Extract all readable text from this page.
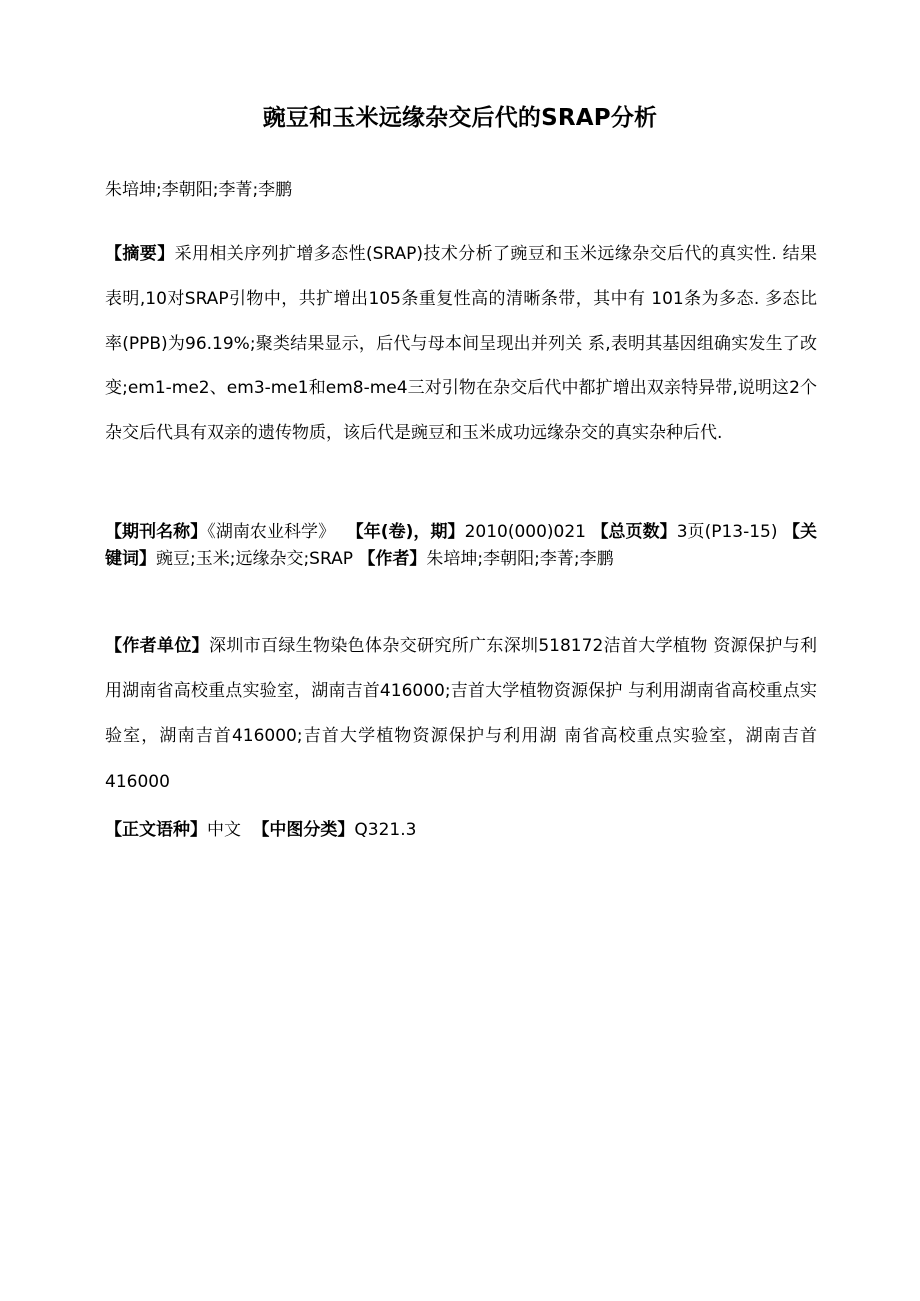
豌豆和玉米远缘杂交后代的SRAP分析
朱培坤;李朝阳;李菁;李鹏
【摘要】采用相关序列扩增多态性(SRAP)技术分析了豌豆和玉米远缘杂交后代的真实性. 结果表明,10对SRAP引物中，共扩增出105条重复性高的清晰条带，其中有 101条为多态. 多态比率(PPB)为96.19%;聚类结果显示，后代与母本间呈现出并列关 系,表明其基因组确实发生了改变;em1-me2、em3-me1和em8-me4三对引物在杂交后代中都扩增出双亲特异带,说明这2个杂交后代具有双亲的遗传物质，该后代是豌豆和玉米成功远缘杂交的真实杂种后代.
【期刊名称】《湖南农业科学》 【年(卷)，期】2010(000)021 【总页数】3页(P13-15) 【关键词】豌豆;玉米;远缘杂交;SRAP 【作者】朱培坤;李朝阳;李菁;李鹏
【作者单位】深圳市百绿生物染色体杂交研究所广东深圳518172洁首大学植物 资源保护与利用湖南省高校重点实验室，湖南吉首416000;吉首大学植物资源保护 与利用湖南省高校重点实验室，湖南吉首416000;吉首大学植物资源保护与利用湖 南省高校重点实验室，湖南吉首416000
【正文语种】中文 【中图分类】Q321.3
